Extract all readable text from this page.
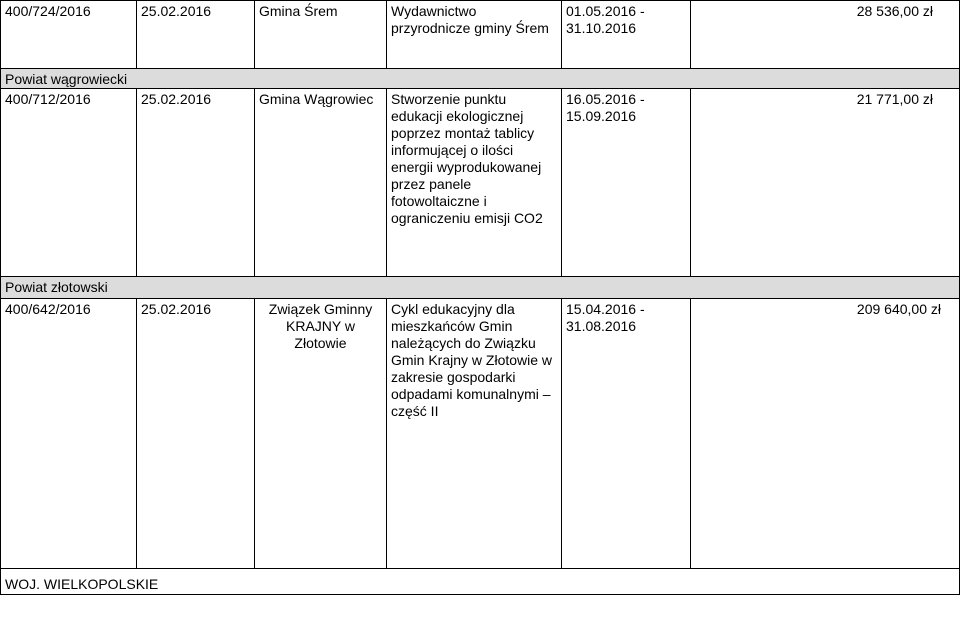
400/724/2016	25.02.2016	Gmina Śrem	Wydawnictwo przyrodnicze gminy Śrem	01.05.2016 - 31.10.2016	28 536,00 zł
Powiat wągrowiecki					
400/712/2016	25.02.2016	Gmina Wągrowiec	Stworzenie punktu edukacji ekologicznej poprzez montaż tablicy informującej o ilości energii wyprodukowanej przez panele fotowoltaiczne i ograniczeniu emisji CO2	16.05.2016 - 15.09.2016	21 771,00 zł
Powiat złotowski					
400/642/2016	25.02.2016	Związek Gminny KRAJNY w Złotowie	Cykl edukacyjny dla mieszkańców Gmin należących do Związku Gmin Krajny w Złotowie w zakresie gospodarki odpadami komunalnymi – część II	15.04.2016 - 31.08.2016	209 640,00 zł
WOJ. WIELKOPOLSKIE					
